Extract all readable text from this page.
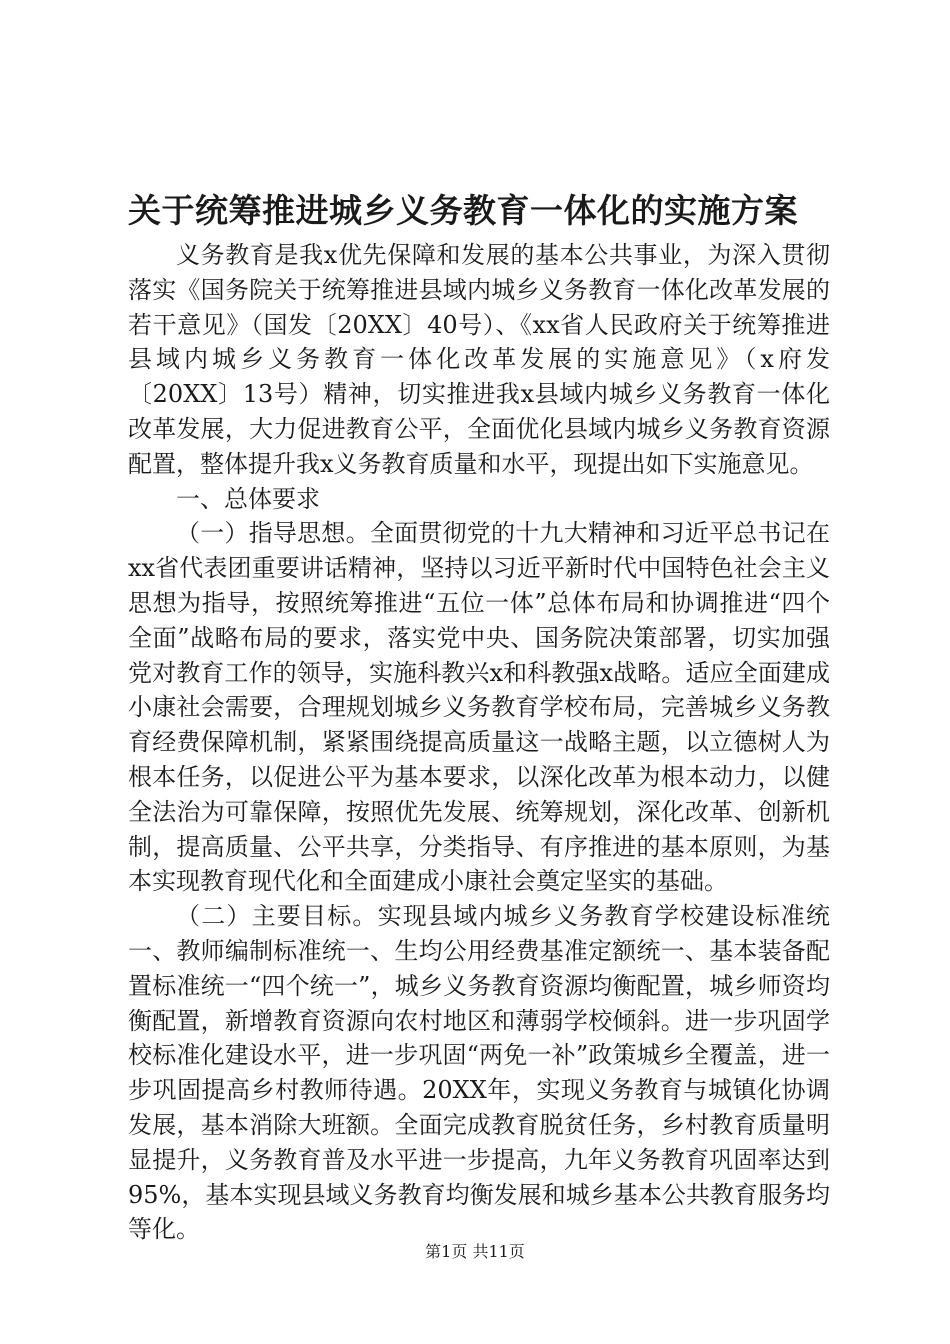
关于统筹推进城乡义务教育一体化的实施方案

义务教育是我x优先保障和发展的基本公共事业，为深入贯彻落实《国务院关于统筹推进县域内城乡义务教育一体化改革发展的若干意见》（国发〔20XX〕40号）、《xx省人民政府关于统筹推进县域内城乡义务教育一体化改革发展的实施意见》（x府发〔20XX〕13号）精神，切实推进我x县域内城乡义务教育一体化改革发展，大力促进教育公平，全面优化县域内城乡义务教育资源配置，整体提升我x义务教育质量和水平，现提出如下实施意见。

一、总体要求

（一）指导思想。全面贯彻党的十九大精神和习近平总书记在xx省代表团重要讲话精神，坚持以习近平新时代中国特色社会主义思想为指导，按照统筹推进“五位一体”总体布局和协调推进“四个全面”战略布局的要求，落实党中央、国务院决策部署，切实加强党对教育工作的领导，实施科教兴x和科教强x战略。适应全面建成小康社会需要，合理规划城乡义务教育学校布局，完善城乡义务教育经费保障机制，紧紧围绕提高质量这一战略主题，以立德树人为根本任务，以促进公平为基本要求，以深化改革为根本动力，以健全法治为可靠保障，按照优先发展、统筹规划，深化改革、创新机制，提高质量、公平共享，分类指导、有序推进的基本原则，为基本实现教育现代化和全面建成小康社会奠定坚实的基础。

（二）主要目标。实现县域内城乡义务教育学校建设标准统一、教师编制标准统一、生均公用经费基准定额统一、基本装备配置标准统一“四个统一”，城乡义务教育资源均衡配置，城乡师资均衡配置，新增教育资源向农村地区和薄弱学校倾斜。进一步巩固学校标准化建设水平，进一步巩固“两免一补”政策城乡全覆盖，进一步巩固提高乡村教师待遇。20XX年，实现义务教育与城镇化协调发展，基本消除大班额。全面完成教育脱贫任务，乡村教育质量明显提升，义务教育普及水平进一步提高，九年义务教育巩固率达到95%，基本实现县域义务教育均衡发展和城乡基本公共教育服务均等化。

第1页 共11页
